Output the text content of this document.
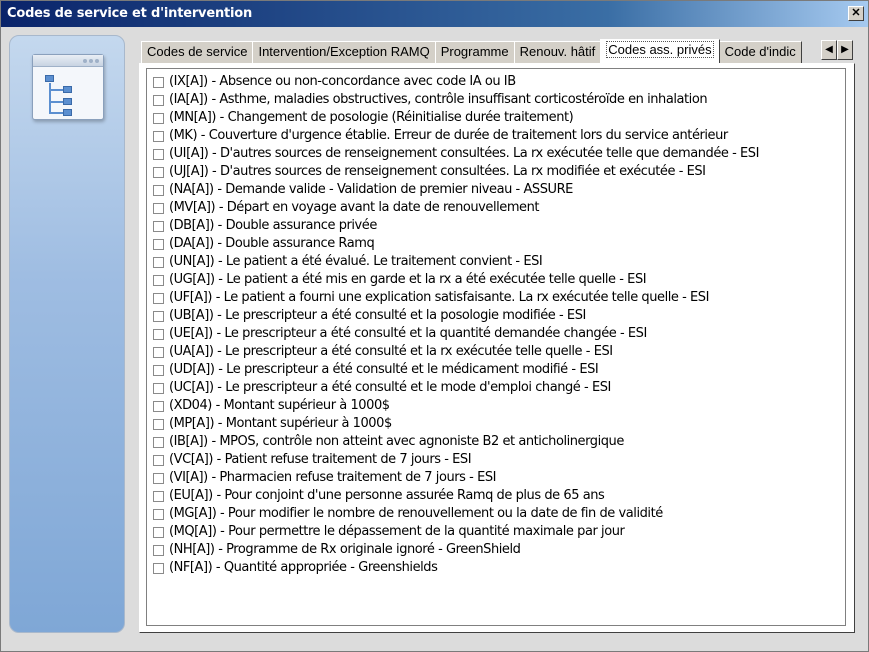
Codes de service et d'intervention	✕
Codes de service Intervention/Exception RAMQ Programme Renouv. hâtif Codes ass. privés Code d'indic	◀ ▶
(IX[A]) - Absence ou non-concordance avec code IA ou IB
(IA[A]) - Asthme, maladies obstructives, contrôle insuffisant corticostéroïde en inhalation
(MN[A]) - Changement de posologie (Réinitialise durée traitement)
(MK) - Couverture d'urgence établie. Erreur de durée de traitement lors du service antérieur
(UI[A]) - D'autres sources de renseignement consultées. La rx exécutée telle que demandée - ESI
(UJ[A]) - D'autres sources de renseignement consultées. La rx modifiée et exécutée - ESI
(NA[A]) - Demande valide - Validation de premier niveau - ASSURE
(MV[A]) - Départ en voyage avant la date de renouvellement
(DB[A]) - Double assurance privée
(DA[A]) - Double assurance Ramq
(UN[A]) - Le patient a été évalué. Le traitement convient - ESI
(UG[A]) - Le patient a été mis en garde et la rx a été exécutée telle quelle - ESI
(UF[A]) - Le patient a fourni une explication satisfaisante. La rx exécutée telle quelle - ESI
(UB[A]) - Le prescripteur a été consulté et la posologie modifiée - ESI
(UE[A]) - Le prescripteur a été consulté et la quantité demandée changée - ESI
(UA[A]) - Le prescripteur a été consulté et la rx exécutée telle quelle - ESI
(UD[A]) - Le prescripteur a été consulté et le médicament modifié - ESI
(UC[A]) - Le prescripteur a été consulté et le mode d'emploi changé - ESI
(XD04) - Montant supérieur à 1000$
(MP[A]) - Montant supérieur à 1000$
(IB[A]) - MPOS, contrôle non atteint avec agnoniste B2 et anticholinergique
(VC[A]) - Patient refuse traitement de 7 jours - ESI
(VI[A]) - Pharmacien refuse traitement de 7 jours - ESI
(EU[A]) - Pour conjoint d'une personne assurée Ramq de plus de 65 ans
(MG[A]) - Pour modifier le nombre de renouvellement ou la date de fin de validité
(MQ[A]) - Pour permettre le dépassement de la quantité maximale par jour
(NH[A]) - Programme de Rx originale ignoré - GreenShield
(NF[A]) - Quantité appropriée - Greenshields
